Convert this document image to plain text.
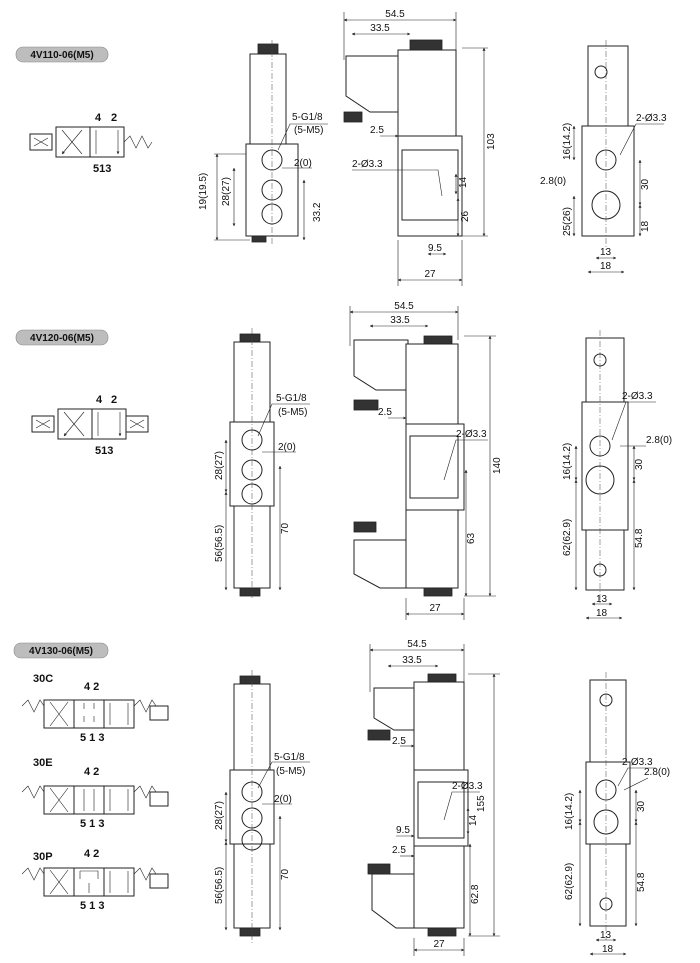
4V110-06(M5)
4V120-06(M5)
4V130-06(M5)
4 2
513
4 2
513
30C
4 2
5 1 3
30E
4 2
5 1 3
30P	4 2
5 1 3
19(19.5) 28(27)
33.2
5-G1/8
(5-M5)
2(0)
54.5
33.5
2.5
2-Ø3.3
103
14
26
9.5
27
2-Ø3.3
16(14.2)
2.8(0)
25(26)
30
18
13
18
5-G1/8
(5-M5)
2(0)
28(27)
56(56.5)	70
54.5
33.5
2.5
2-Ø3.3
140
63
27
2-Ø3.3
2.8(0)
16(14.2)	30
62(62.9)	54.8
13
18
5-G1/8
(5-M5)
2(0)
28(27)
56(56.5)	70
54.5
33.5
2.5
2-Ø3.3
9.5
2.5
14
155
62.8
27
2-Ø3.3
2.8(0)
16(14.2)	30
62(62.9)	54.8
13
18
